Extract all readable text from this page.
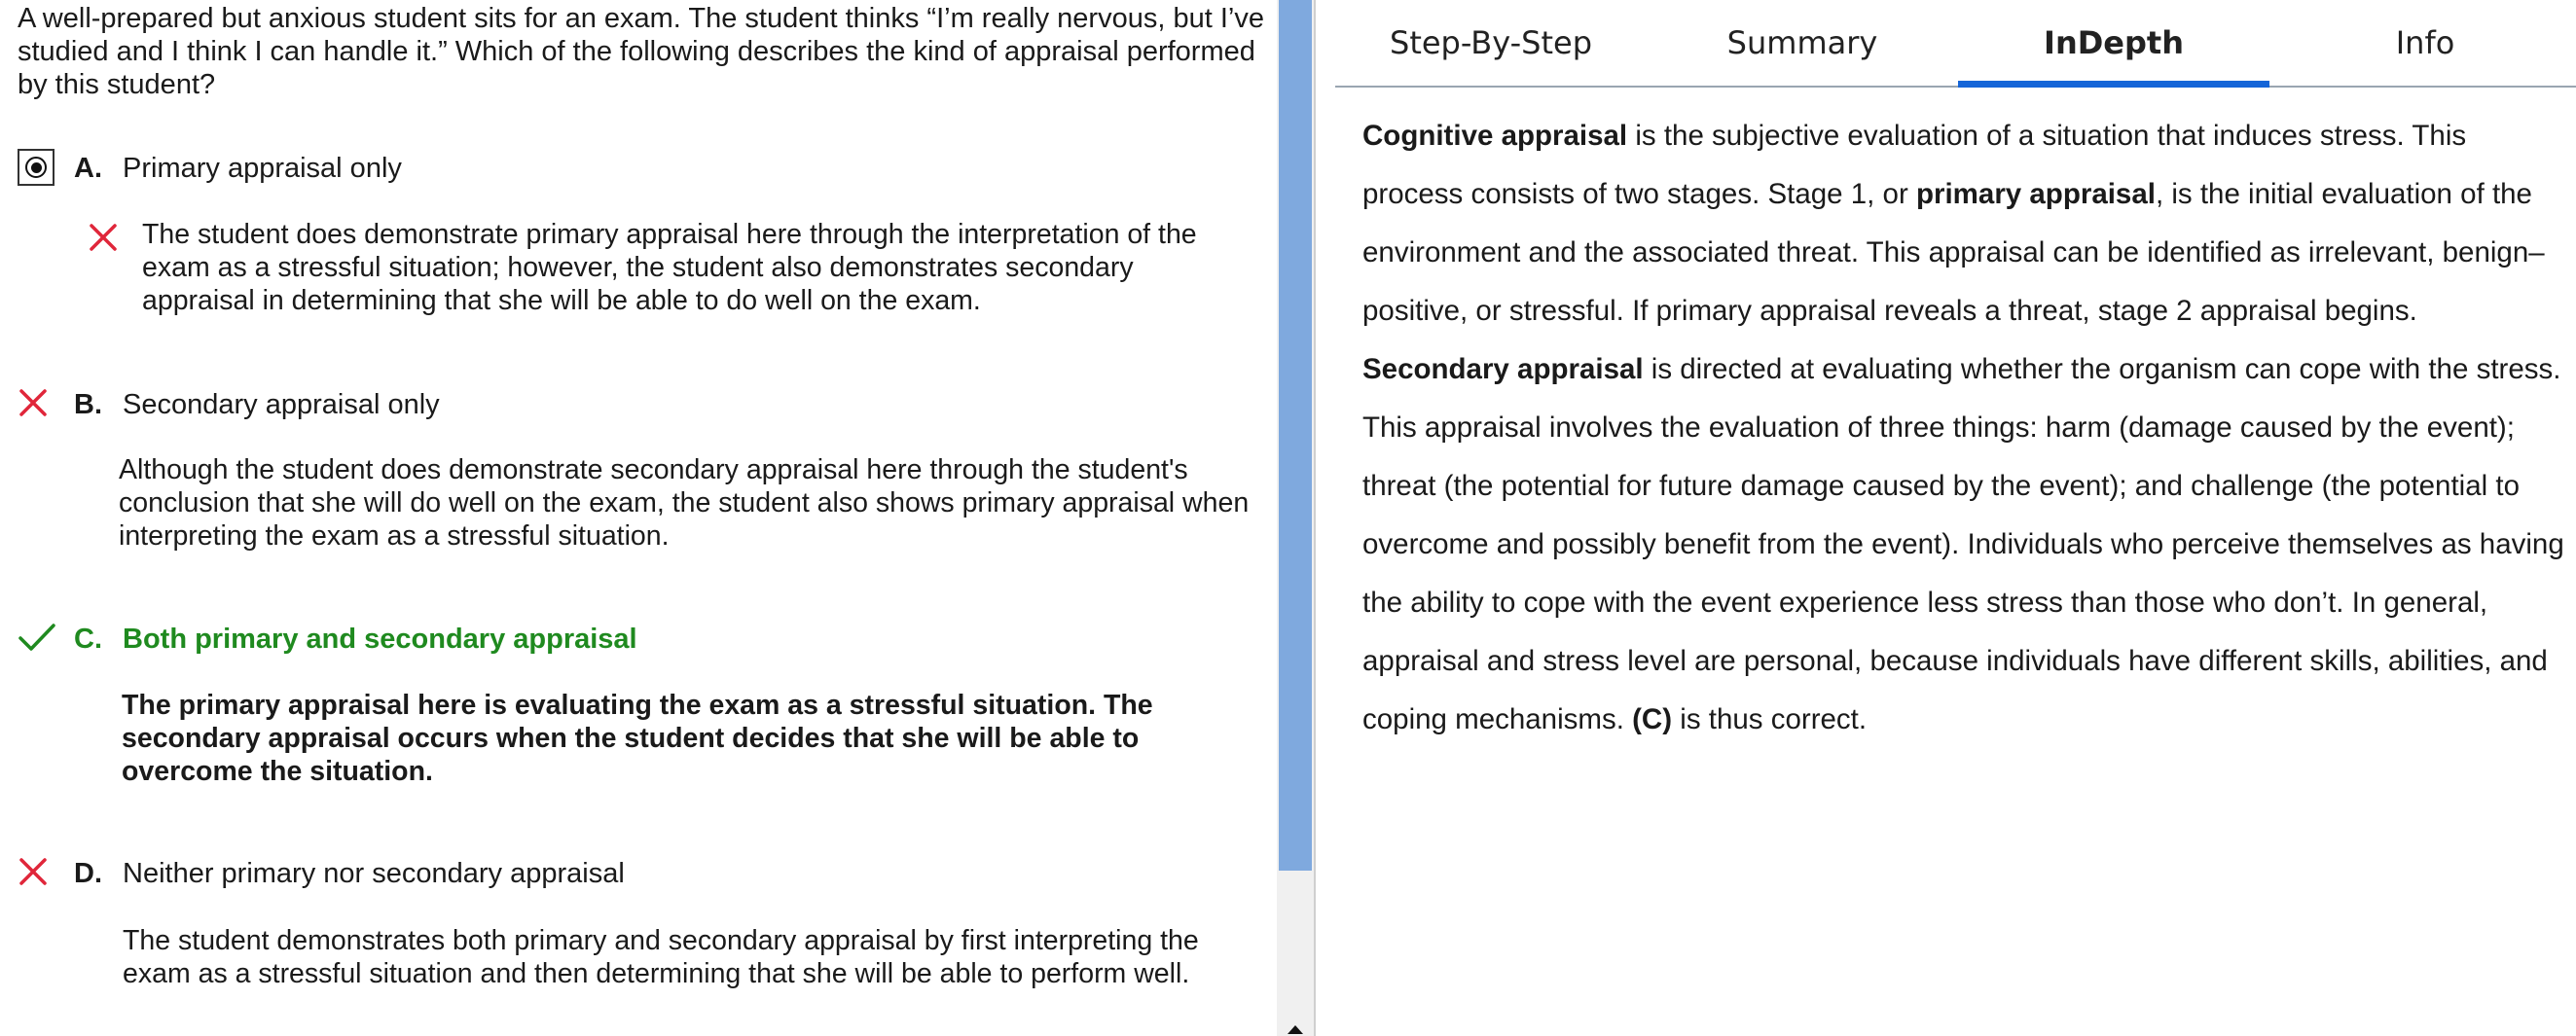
A well-prepared but anxious student sits for an exam. The student thinks “I’m really nervous, but I’ve studied and I think I can handle it.” Which of the following describes the kind of appraisal performed by this student?

A. Primary appraisal only

The student does demonstrate primary appraisal here through the interpretation of the exam as a stressful situation; however, the student also demonstrates secondary appraisal in determining that she will be able to do well on the exam.

B. Secondary appraisal only

Although the student does demonstrate secondary appraisal here through the student's conclusion that she will do well on the exam, the student also shows primary appraisal when interpreting the exam as a stressful situation.

C. Both primary and secondary appraisal

The primary appraisal here is evaluating the exam as a stressful situation. The secondary appraisal occurs when the student decides that she will be able to overcome the situation.

D. Neither primary nor secondary appraisal

The student demonstrates both primary and secondary appraisal by first interpreting the exam as a stressful situation and then determining that she will be able to perform well.

Step-By-Step	Summary	InDepth	Info

Cognitive appraisal is the subjective evaluation of a situation that induces stress. This process consists of two stages. Stage 1, or primary appraisal, is the initial evaluation of the environment and the associated threat. This appraisal can be identified as irrelevant, benign–positive, or stressful. If primary appraisal reveals a threat, stage 2 appraisal begins. Secondary appraisal is directed at evaluating whether the organism can cope with the stress. This appraisal involves the evaluation of three things: harm (damage caused by the event); threat (the potential for future damage caused by the event); and challenge (the potential to overcome and possibly benefit from the event). Individuals who perceive themselves as having the ability to cope with the event experience less stress than those who don’t. In general, appraisal and stress level are personal, because individuals have different skills, abilities, and coping mechanisms. (C) is thus correct.
